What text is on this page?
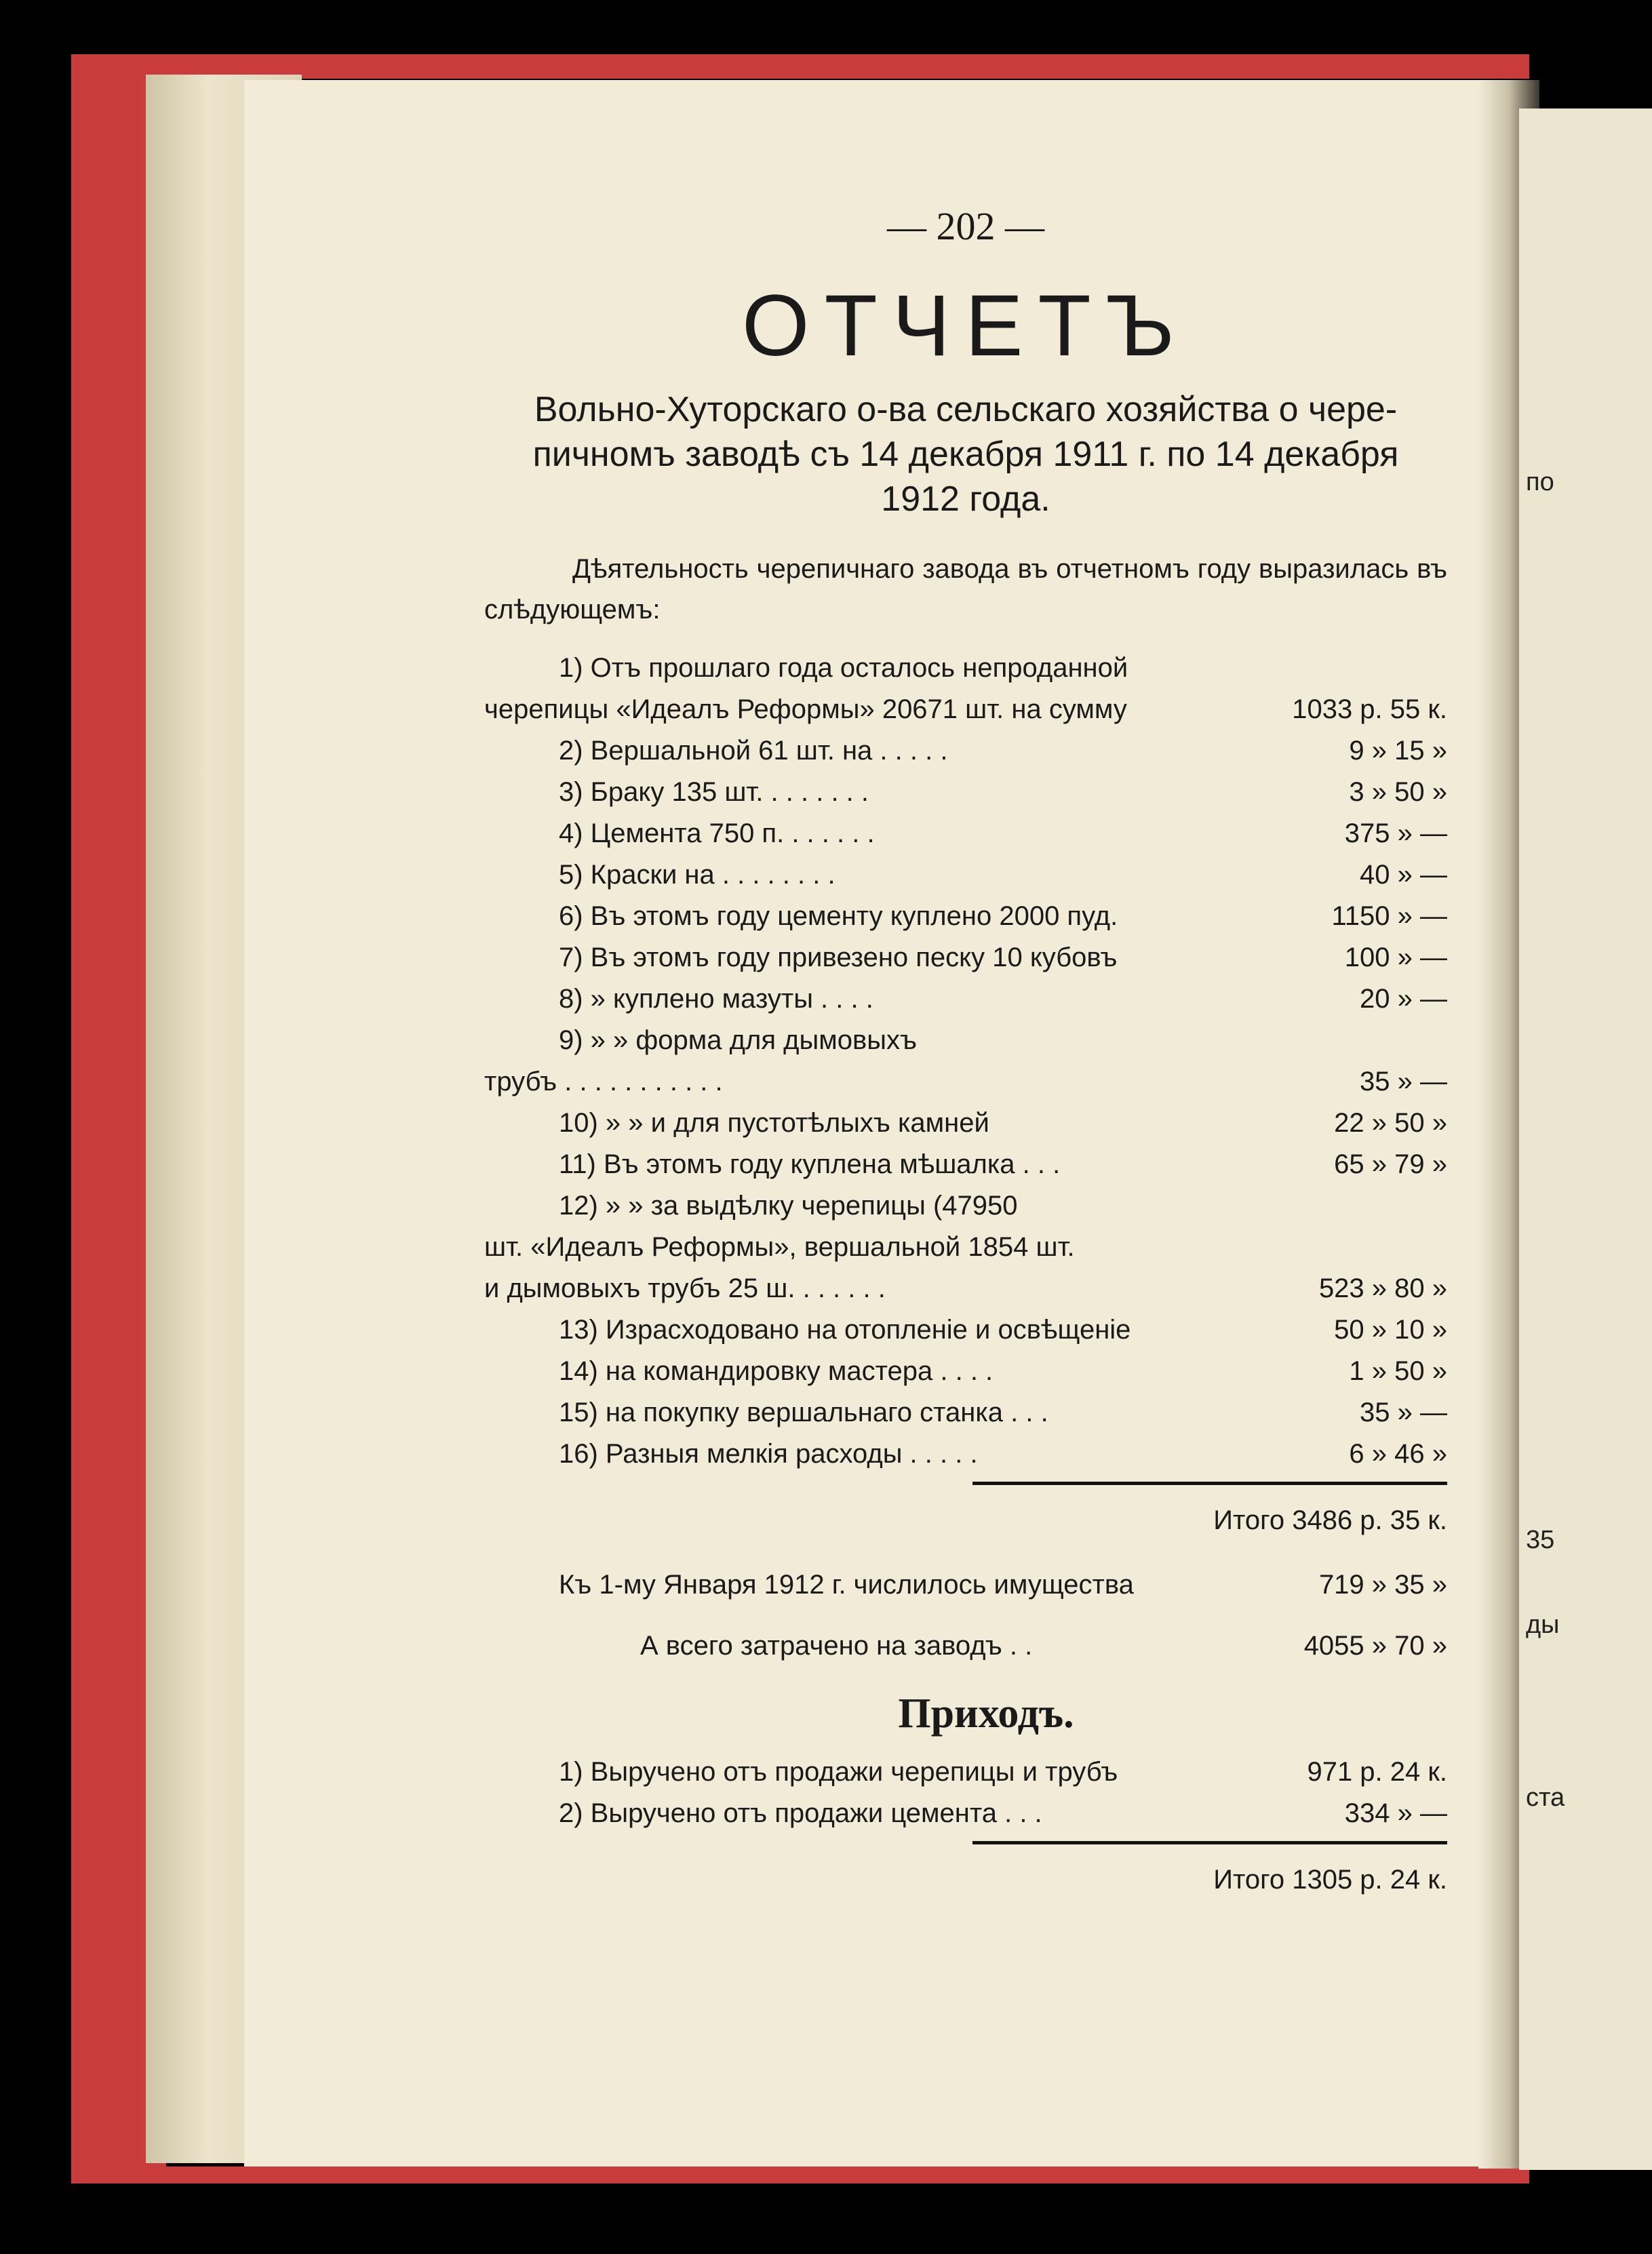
по
35
ды
ста
— 202 —
ОТЧЕТЪ
Вольно-Хуторскаго о-ва сельскаго хозяйства о чере-
пичномъ заводѣ съ 14 декабря 1911 г. по 14 декабря
1912 года.
Дѣятельность черепичнаго завода въ отчетномъ году выразилась въ слѣдующемъ:
1) Отъ прошлаго года осталось непроданной
черепицы «Идеалъ Реформы» 20671 шт. на сумму	1033 р. 55 к.
2) Вершальной 61 шт. на . . . . .	9 » 15 »
3) Браку 135 шт. . . . . . . .	3 » 50 »
4) Цемента 750 п. . . . . . .	375 » —
5) Краски на . . . . . . . .	40 » —
6) Въ этомъ году цементу куплено 2000 пуд.	1150 » —
7) Въ этомъ году привезено песку 10 кубовъ	100 » —
8) » куплено мазуты . . . .	20 » —
9) » » форма для дымовыхъ
трубъ . . . . . . . . . . .	35 » —
10) » » и для пустотѣлыхъ камней	22 » 50 »
11) Въ этомъ году куплена мѣшалка . . .	65 » 79 »
12) » » за выдѣлку черепицы (47950
шт. «Идеалъ Реформы», вершальной 1854 шт.
и дымовыхъ трубъ 25 ш. . . . . . .	523 » 80 »
13) Израсходовано на отопленіе и освѣщеніе	50 » 10 »
14) на командировку мастера . . . .	1 » 50 »
15) на покупку вершальнаго станка . . .	35 » —
16) Разныя мелкія расходы . . . . .	6 » 46 »
Итого 3486 р. 35 к.
Къ 1-му Января 1912 г. числилось имущества	719 » 35 »
А всего затрачено на заводъ . .	4055 » 70 »
Приходъ.
1) Выручено отъ продажи черепицы и трубъ	971 р. 24 к.
2) Выручено отъ продажи цемента . . .	334 » —
Итого 1305 р. 24 к.
